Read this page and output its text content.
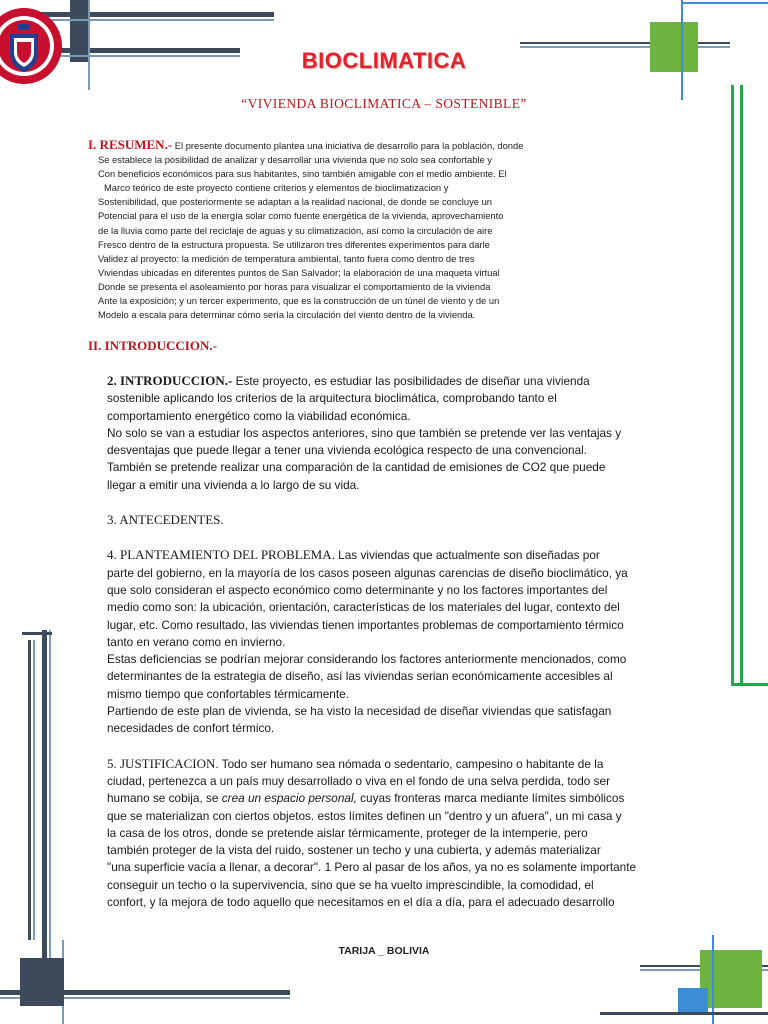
BIOCLIMATICA
“VIVIENDA BIOCLIMATICA – SOSTENIBLE”
I. RESUMEN.- El presente documento plantea una iniciativa de desarrollo para la población, donde
Se establece la posibilidad de analizar y desarrollar una vivienda que no solo sea confortable y
Con beneficios económicos para sus habitantes, sino también amigable con el medio ambiente. El
Marco teórico de este proyecto contiene criterios y elementos de bioclimatizacion y
Sostenibilidad, que posteriormente se adaptan a la realidad nacional, de donde se concluye un
Potencial para el uso de la energía solar como fuente energética de la vivienda, aprovechamiento
de la lluvia como parte del reciclaje de aguas y su climatización, así como la circulación de aire
Fresco dentro de la estructura propuesta. Se utilizaron tres diferentes experimentos para darle
Validez al proyecto: la medición de temperatura ambiental, tanto fuera como dentro de tres
Viviendas ubicadas en diferentes puntos de San Salvador; la elaboración de una maqueta virtual
Donde se presenta el asoleamiento por horas para visualizar el comportamiento de la vivienda
Ante la exposición; y un tercer experimento, que es la construcción de un túnel de viento y de un
Modelo a escala para determinar cómo sería la circulación del viento dentro de la vivienda.
II. INTRODUCCION.-
2. INTRODUCCION.- Este proyecto, es estudiar las posibilidades de diseñar una vivienda
sostenible aplicando los criterios de la arquitectura bioclimática, comprobando tanto el
comportamiento energético como la viabilidad económica.
No solo se van a estudiar los aspectos anteriores, sino que también se pretende ver las ventajas y
desventajas que puede llegar a tener una vivienda ecológica respecto de una convencional.
También se pretende realizar una comparación de la cantidad de emisiones de CO2 que puede
llegar a emitir una vivienda a lo largo de su vida.
3. ANTECEDENTES.
4. PLANTEAMIENTO DEL PROBLEMA. Las viviendas que actualmente son diseñadas por
parte del gobierno, en la mayoría de los casos poseen algunas carencias de diseño bioclimático, ya
que solo consideran el aspecto económico como determinante y no los factores importantes del
medio como son: la ubicación, orientación, características de los materiales del lugar, contexto del
lugar, etc. Como resultado, las viviendas tienen importantes problemas de comportamiento térmico
tanto en verano como en invierno.
Estas deficiencias se podrían mejorar considerando los factores anteriormente mencionados, como
determinantes de la estrategia de diseño, así las viviendas serian económicamente accesibles al
mismo tiempo que confortables térmicamente.
Partiendo de este plan de vivienda, se ha visto la necesidad de diseñar viviendas que satisfagan
necesidades de confort térmico.
5. JUSTIFICACION. Todo ser humano sea nómada o sedentario, campesino o habitante de la
ciudad, pertenezca a un país muy desarrollado o viva en el fondo de una selva perdida, todo ser
humano se cobija, se crea un espacio personal, cuyas fronteras marca mediante límites simbólicos
que se materializan con ciertos objetos. estos límites definen un "dentro y un afuera", un mi casa y
la casa de los otros, donde se pretende aislar térmicamente, proteger de la intemperie, pero
también proteger de la vista del ruido, sostener un techo y una cubierta, y además materializar
"una superficie vacía a llenar, a decorar". 1 Pero al pasar de los años, ya no es solamente importante
conseguir un techo o la supervivencia, sino que se ha vuelto imprescindible, la comodidad, el
confort, y la mejora de todo aquello que necesitamos en el día a día, para el adecuado desarrollo
TARIJA _ BOLIVIA
